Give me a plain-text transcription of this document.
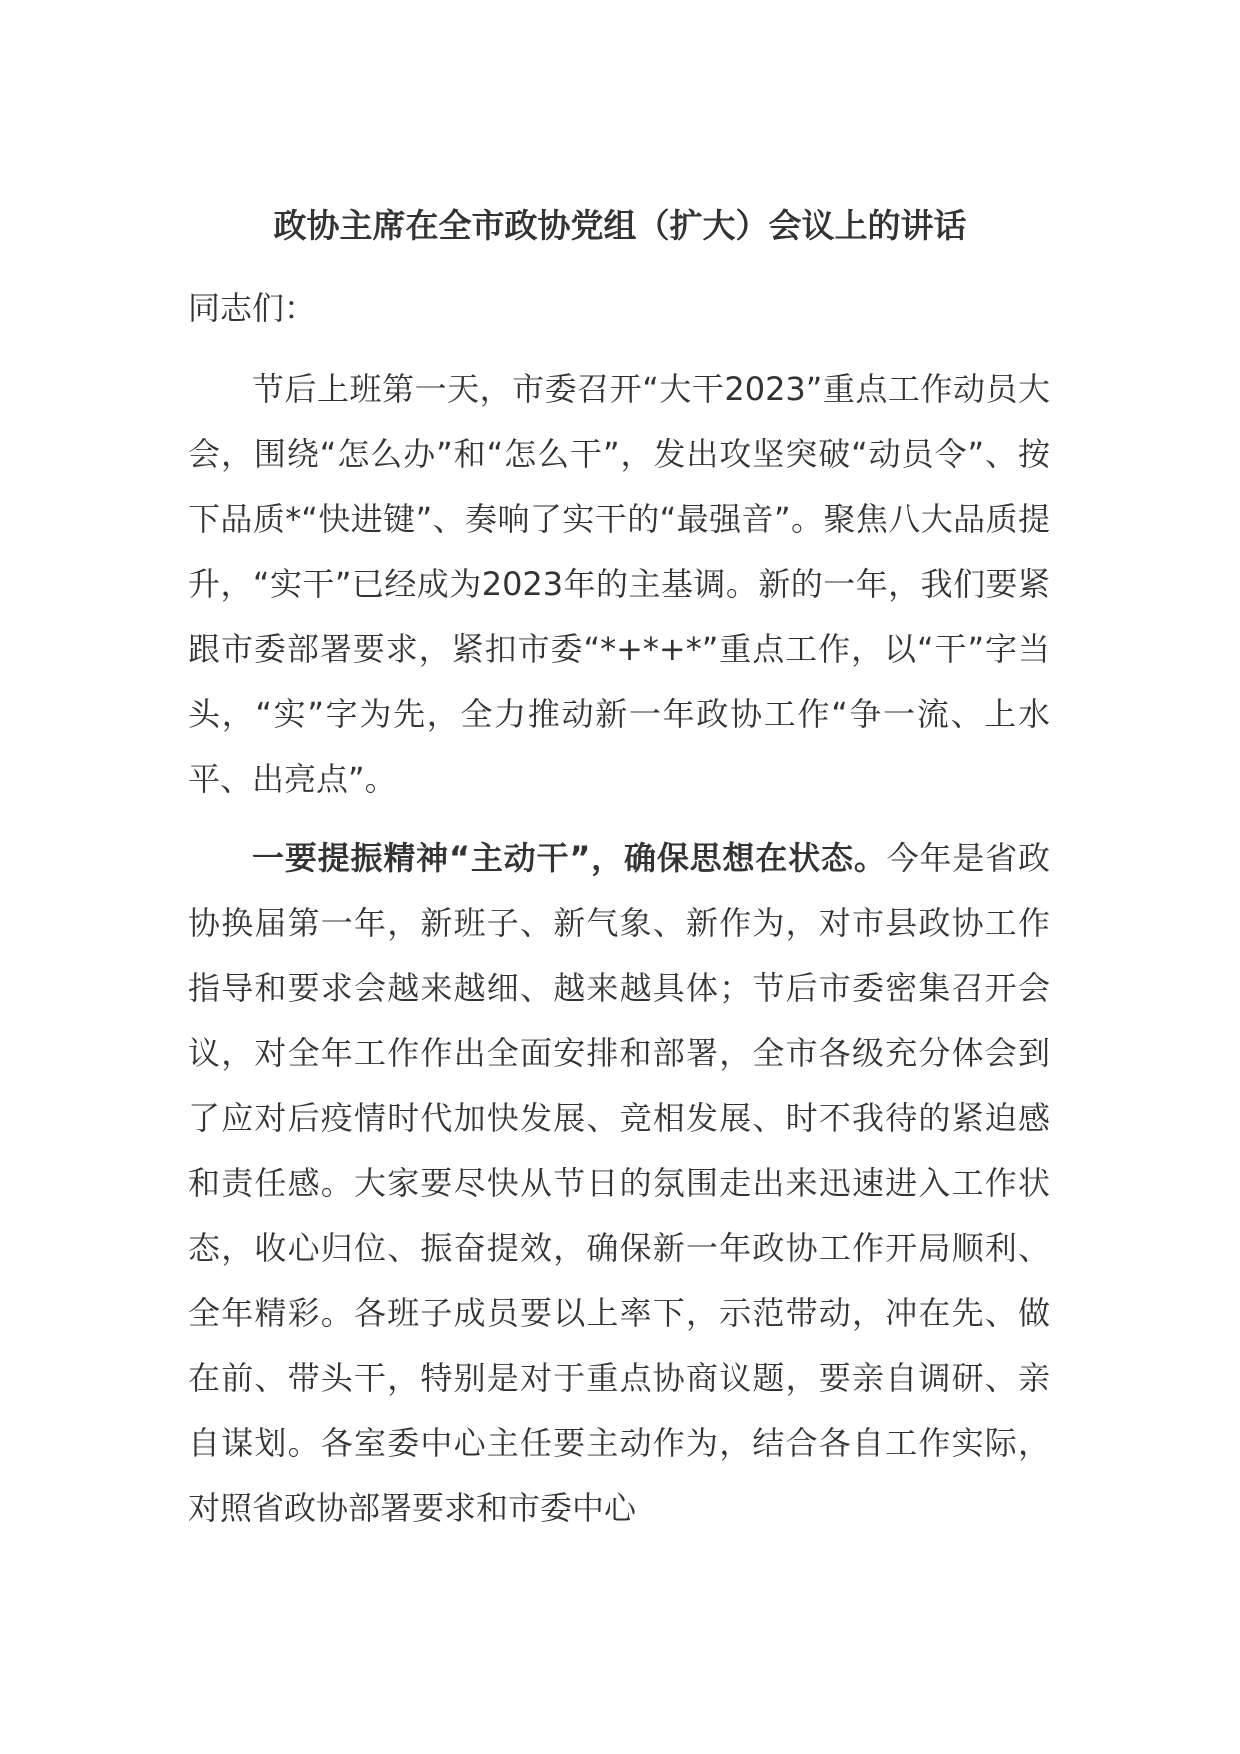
政协主席在全市政协党组（扩大）会议上的讲话

同志们：

节后上班第一天，市委召开“大干2023”重点工作动员大会，围绕“怎么办”和“怎么干”，发出攻坚突破“动员令”、按下品质*“快进键”、奏响了实干的“最强音”。聚焦八大品质提升，“实干”已经成为2023年的主基调。新的一年，我们要紧跟市委部署要求，紧扣市委“*+*+*”重点工作，以“干”字当头，“实”字为先，全力推动新一年政协工作“争一流、上水平、出亮点”。

一要提振精神“主动干”，确保思想在状态。今年是省政协换届第一年，新班子、新气象、新作为，对市县政协工作指导和要求会越来越细、越来越具体；节后市委密集召开会议，对全年工作作出全面安排和部署，全市各级充分体会到了应对后疫情时代加快发展、竞相发展、时不我待的紧迫感和责任感。大家要尽快从节日的氛围走出来迅速进入工作状态，收心归位、振奋提效，确保新一年政协工作开局顺利、全年精彩。各班子成员要以上率下，示范带动，冲在先、做在前、带头干，特别是对于重点协商议题，要亲自调研、亲自谋划。各室委中心主任要主动作为，结合各自工作实际，对照省政协部署要求和市委中心
